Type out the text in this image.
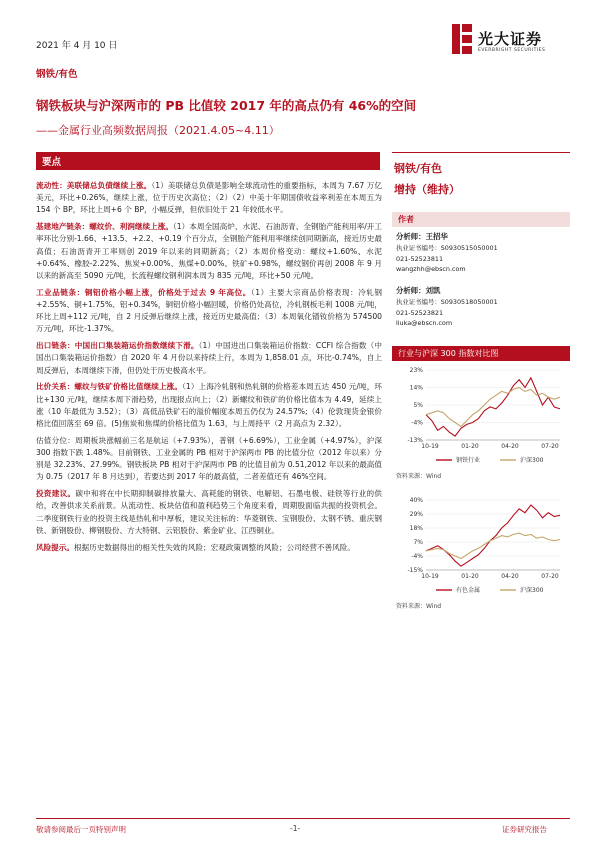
2021 年 4 月 10 日	光大证券
EVERBRIGHT SECURITIES
钢铁/有色
钢铁板块与沪深两市的 PB 比值较 2017 年的高点仍有 46%的空间
——金属行业高频数据周报（2021.4.05~4.11）
要点

流动性：美联储总负债继续上涨。（1）美联储总负债是影响全球流动性的重要指标，本周为 7.67 万亿美元，环比+0.26%，继续上涨，位于历史次高位；（2）（2）中美十年期国债收益率利差在本周五为 154 个 BP，环比上周+6 个 BP，小幅反弹，但依旧处于 21 年较低水平。

基建地产链条：螺纹价、利润继续上涨。（1）本周全国高炉、水泥、石油沥青、全钢胎产能利用率/开工率环比分别-1.66、+13.5、+2.2、+0.19 个百分点，全钢胎产能利用率继续创同期新高，接近历史最高值；石油沥青开工率则创 2019 年以来的同期新高；（2）本周价格变动：螺纹+1.60%、水泥+0.64%、橡胶-2.22%、焦炭+0.00%、焦煤+0.00%、铁矿+0.98%，螺纹钢价再创 2008 年 9 月以来的新高至 5090 元/吨，长流程螺纹钢利润本周为 835 元/吨，环比+50 元/吨。

工业品链条：铜铝价格小幅上涨，价格处于过去 9 年高位。（1）主要大宗商品价格表现：冷轧钢+2.55%、铜+1.75%、铝+0.34%，铜铝价格小幅回暖，价格仍处高位，冷轧钢板毛利 1008 元/吨，环比上周+112 元/吨，自 2 月反弹后继续上涨，接近历史最高值；（3）本周氧化镨钕价格为 574500 万元/吨，环比-1.37%。

出口链条：中国出口集装箱运价指数继续下滑。（1）中国进出口集装箱运价指数：CCFI 综合指数（中国出口集装箱运价指数）自 2020 年 4 月份以来持续上行，本周为 1,858.01 点，环比-0.74%，自上周反弹后，本周继续下滑，但仍处于历史极高水平。

比价关系：螺纹与铁矿价格比值继续上涨。（1）上海冷轧钢和热轧钢的价格差本周五达 450 元/吨，环比+130 元/吨，继续本周下滑趋势，出现报点向上；（2）新螺纹和铁矿的价格比值本为 4.49，延续上涨（10 年最低为 3.52）；（3）高低品铁矿石的溢价幅度本周五仍仅为 24.57%;（4）伦敦现货金银价格比值回落至 69 倍。(5)焦炭和焦煤的价格比值为 1.63，与上周持平（2 月高点为 2.32）。

估值分位：周期板块涨幅前三名是航运（+7.93%），普钢（+6.69%），工业金属（+4.97%），沪深 300 指数下跌 1.48%。目前钢铁、工业金属的 PB 相对于沪深两市 PB 的比值分位（2012 年以来）分别是 32.23%、27.99%。钢铁板块 PB 相对于沪深两市 PB 的比值目前为 0.51,2012 年以来的最高值为 0.75（2017 年 8 月达到），若要达到 2017 年的最高值，二者差值还有 46%空间。

投资建议。碳中和将在中长期抑制碳排放量大、高耗能的钢铁、电解铝、石墨电极、硅铁等行业的供给，改善供求关系前景。从流动性、板块估值和盈利趋势三个角度来看，周期股面临共振的投资机会。二季度钢铁行业的投资主线是热轧和中厚板，建议关注标的：华菱钢铁、宝钢股份、太钢不锈、重庆钢铁、新钢股份、柳钢股份、方大特钢、云铝股份、紫金矿业、江西铜业。

风险提示。根据历史数据得出的相关性失效的风险；宏观政策调整的风险；公司经营不善风险。

钢铁/有色
增持（维持）
作者
分析师：王招华
执业证书编号：S0930515050001
021-52523811
wangzhh@ebscn.com
分析师：刘凯
执业证书编号：S0930518050001
021-52523821
liuka@ebscn.com
行业与沪深 300 指数对比图
23%
14%
5%
-4%
-13%
10-19	01-20	04-20	07-20
钢铁行业	沪深300
资料来源：Wind
40%
29%
18%
7%
-4%
-15%
10-19	01-20	04-20	07-20
有色金属	沪深300
资料来源：Wind
敬请参阅最后一页特别声明	-1-	证券研究报告
